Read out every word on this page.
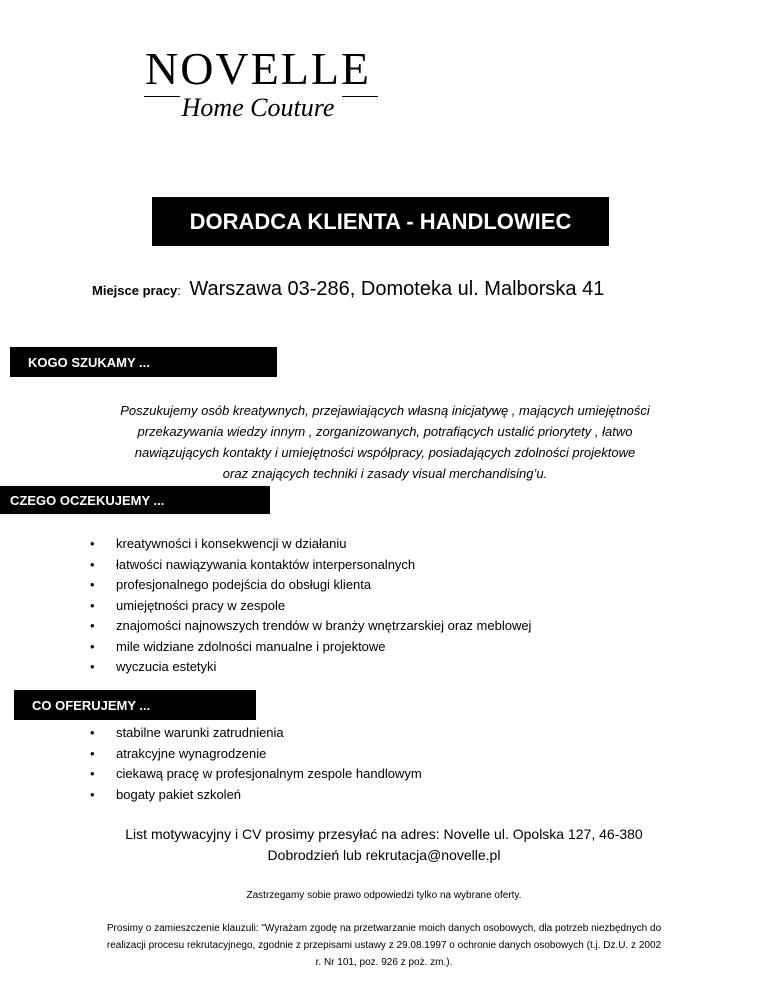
NOVELLE
Home Couture
DORADCA KLIENTA - HANDLOWIEC
Miejsce pracy: Warszawa 03-286, Domoteka ul. Malborska 41
KOGO SZUKAMY ...
Poszukujemy osób kreatywnych, przejawiających własną inicjatywę , mających umiejętności
przekazywania wiedzy innym , zorganizowanych, potrafiących ustalić priorytety , łatwo
nawiązujących kontakty i umiejętności współpracy, posiadających zdolności projektowe
oraz znających techniki i zasady visual merchandising’u.
CZEGO OCZEKUJEMY ...
•	kreatywności i konsekwencji w działaniu
•	łatwości nawiązywania kontaktów interpersonalnych
•	profesjonalnego podejścia do obsługi klienta
•	umiejętności pracy w zespole
•	znajomości najnowszych trendów w branży wnętrzarskiej oraz meblowej
•	mile widziane zdolności manualne i projektowe
•	wyczucia estetyki
CO OFERUJEMY ...
•	stabilne warunki zatrudnienia
•	atrakcyjne wynagrodzenie
•	ciekawą pracę w profesjonalnym zespole handlowym
•	bogaty pakiet szkoleń
List motywacyjny i CV prosimy przesyłać na adres: Novelle ul. Opolska 127, 46-380
Dobrodzień lub rekrutacja@novelle.pl
Zastrzegamy sobie prawo odpowiedzi tylko na wybrane oferty.
Prosimy o zamieszczenie klauzuli: "Wyrażam zgodę na przetwarzanie moich danych osobowych, dla potrzeb niezbędnych do
realizacji procesu rekrutacyjnego, zgodnie z przepisami ustawy z 29.08.1997 o ochronie danych osobowych (t.j. Dz.U. z 2002
r. Nr 101, poz. 926 z poż. zm.).
